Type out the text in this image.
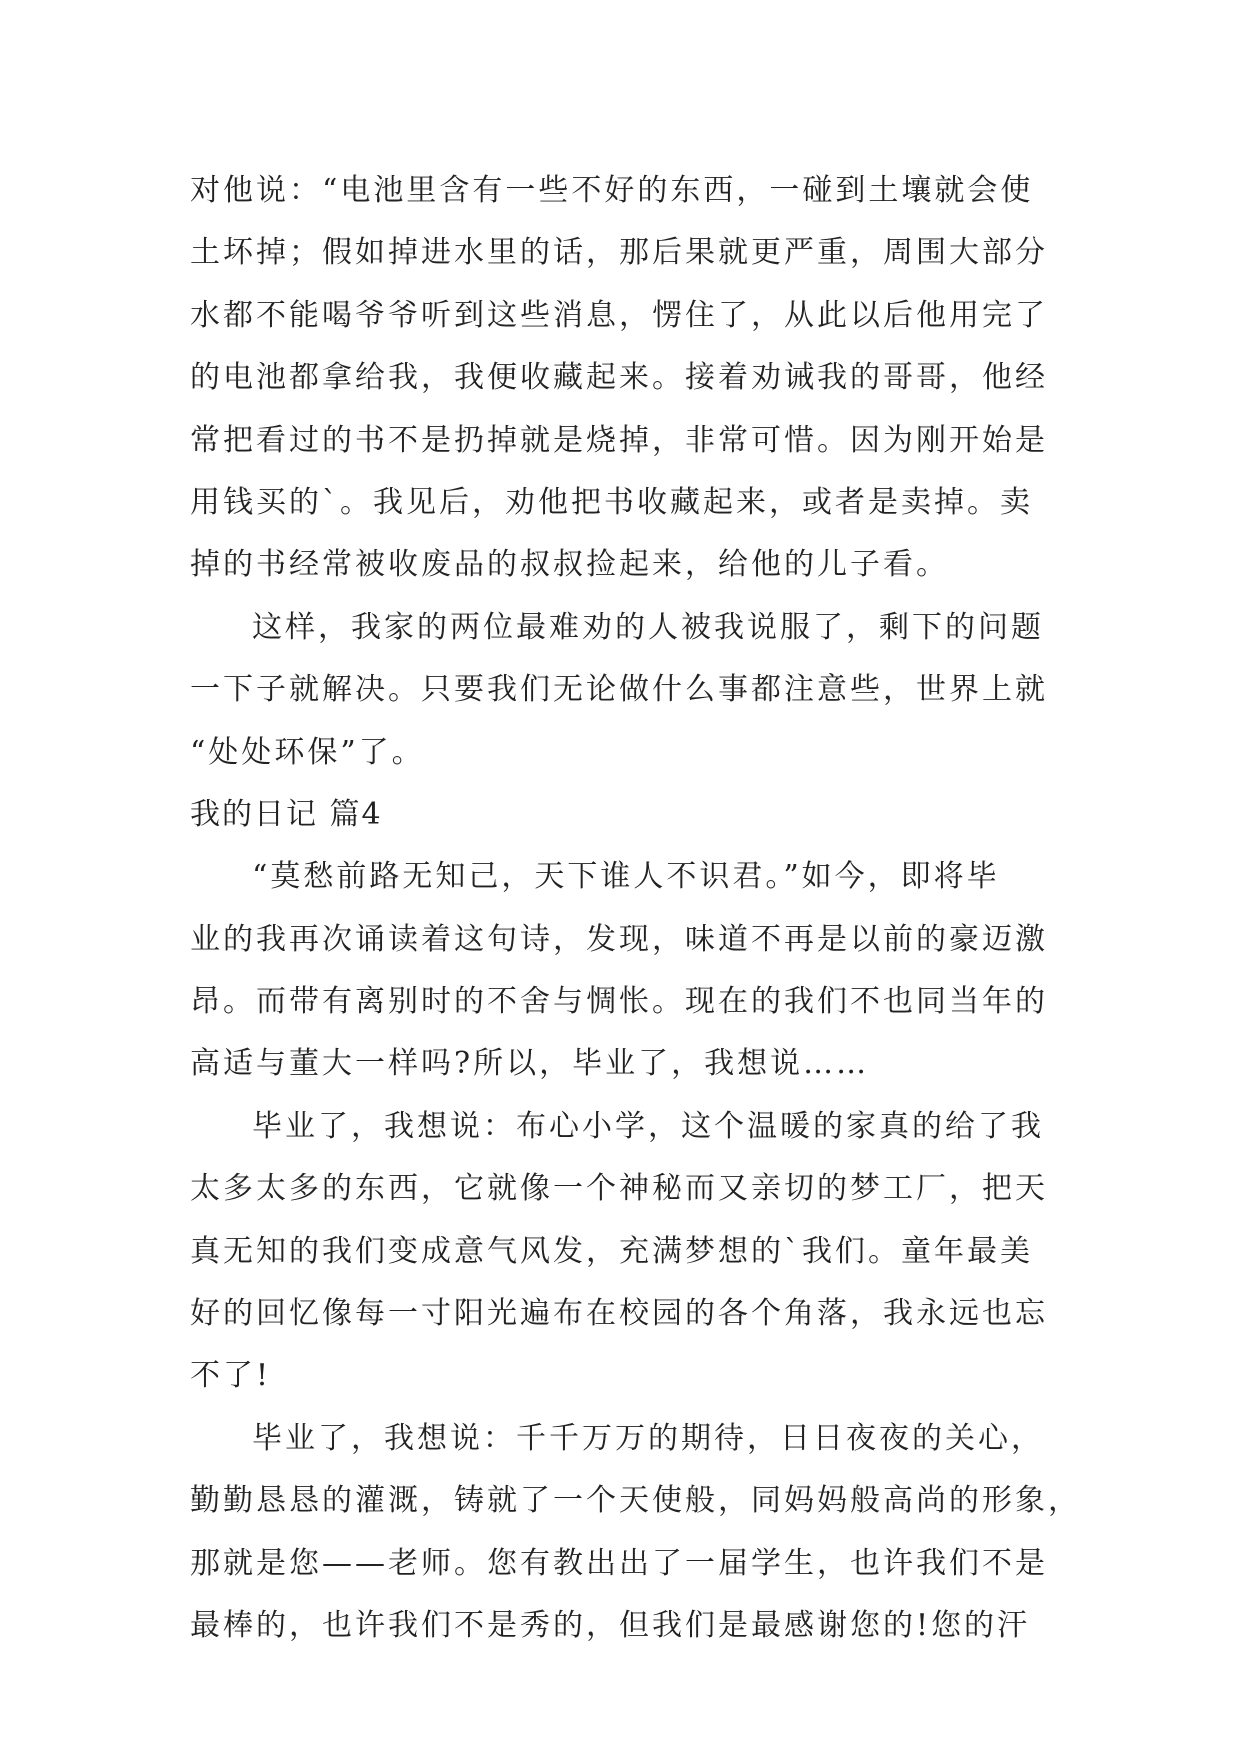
对他说：“电池里含有一些不好的东西，一碰到土壤就会使
土坏掉；假如掉进水里的话，那后果就更严重，周围大部分
水都不能喝爷爷听到这些消息，愣住了，从此以后他用完了
的电池都拿给我，我便收藏起来。接着劝诫我的哥哥，他经
常把看过的书不是扔掉就是烧掉，非常可惜。因为刚开始是
用钱买的`。我见后，劝他把书收藏起来，或者是卖掉。卖
掉的书经常被收废品的叔叔捡起来，给他的儿子看。
这样，我家的两位最难劝的人被我说服了，剩下的问题
一下子就解决。只要我们无论做什么事都注意些，世界上就
“处处环保”了。
我的日记 篇4
“莫愁前路无知己，天下谁人不识君。”如今，即将毕
业的我再次诵读着这句诗，发现，味道不再是以前的豪迈激
昂。而带有离别时的不舍与惆怅。现在的我们不也同当年的
高适与董大一样吗?所以，毕业了，我想说……
毕业了，我想说：布心小学，这个温暖的家真的给了我
太多太多的东西，它就像一个神秘而又亲切的梦工厂，把天
真无知的我们变成意气风发，充满梦想的`我们。童年最美
好的回忆像每一寸阳光遍布在校园的各个角落，我永远也忘
不了!
毕业了，我想说：千千万万的期待，日日夜夜的关心，
勤勤恳恳的灌溉，铸就了一个天使般，同妈妈般高尚的形象，
那就是您——老师。您有教出出了一届学生，也许我们不是
最棒的，也许我们不是秀的，但我们是最感谢您的!您的汗
